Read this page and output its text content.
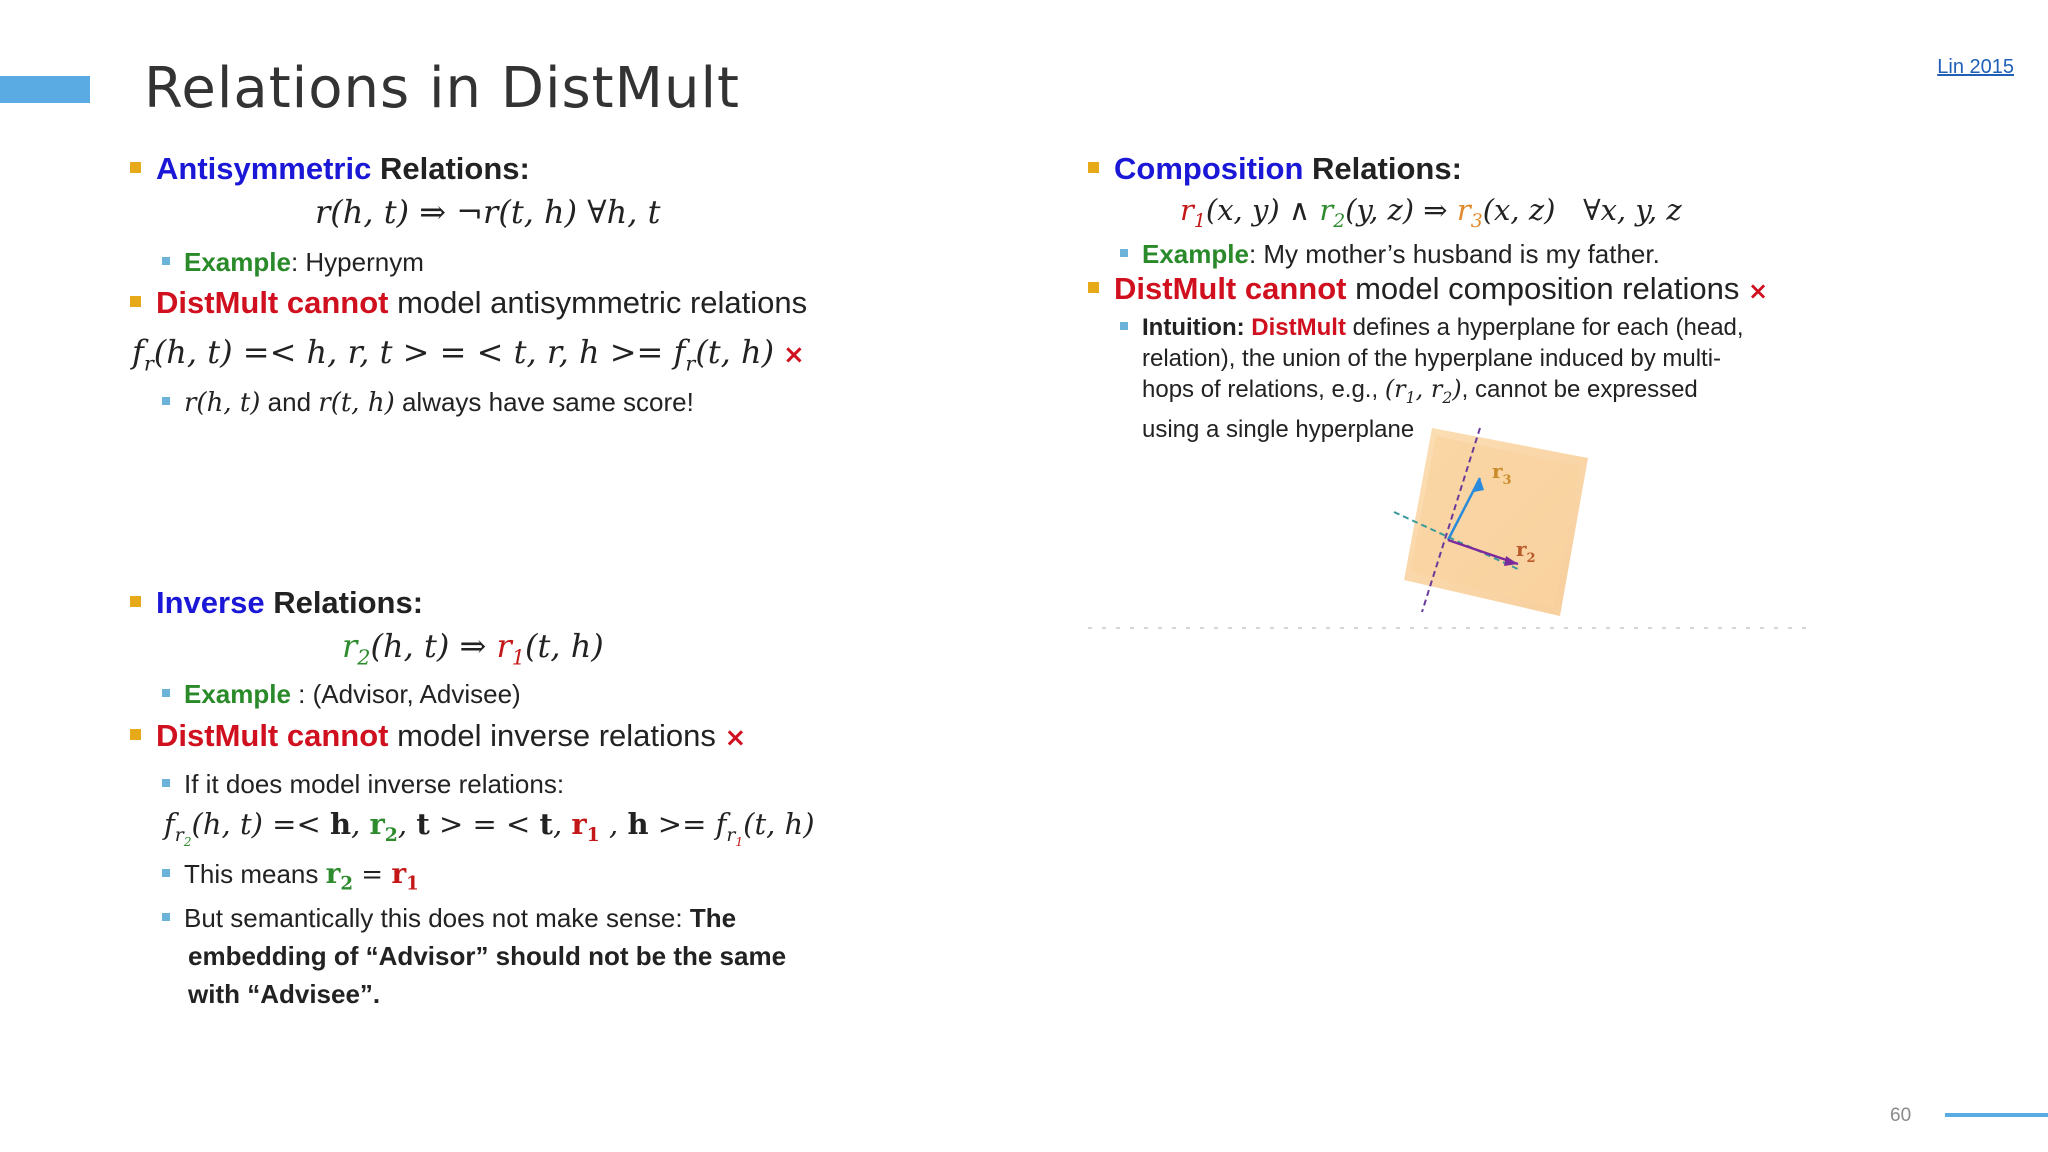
Relations in DistMult	Lin 2015
Antisymmetric Relations:
r(h, t) ⇒ ¬r(t, h) ∀h, t
Example: Hypernym
DistMult cannot model antisymmetric relations
$f_r(h$, t) =< h, r, t > = < t, r, $h >= f_r(t$, h) ×
r(h, t) and r(t, h) always have same score!
Inverse Relations:
$r_2(h$, t) ⇒ $r_1(t$, h)
Example : (Advisor, Advisee)
DistMult cannot model inverse relations ×
If it does model inverse relations:
$f_{r_2}(h$, t) =< h, $r_2$, t > = < t, $r_1$ , $h >= f_{r_1}(t$, h)
This means $r_2 = r_1$
But semantically this does not make sense: The
embedding of “Advisor” should not be the same
with “Advisee”.
Composition Relations:
$r_1(x$, y) ∧ $r_2(y$, z) ⇒ $r_3(x$, z)   ∀x, y, z
Example: My mother’s husband is my father.
DistMult cannot model composition relations ×
Intuition: DistMult defines a hyperplane for each (head,
relation), the union of the hyperplane induced by multi-
hops of relations, e.g., ($r_1$, $r_2$), cannot be expressed
using a single hyperplane
$r_3$
$r_2$
60
